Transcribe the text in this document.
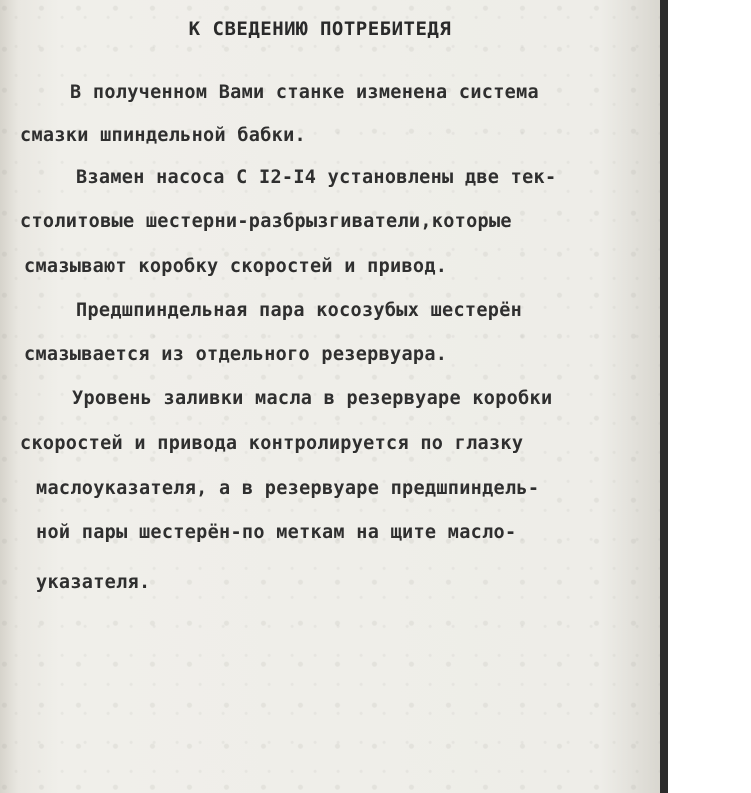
К СВЕДЕНИЮ ПОТРЕБИТЕДЯ
В полученном Вами станке изменена система
смазки шпиндельной бабки.
Взамен насоса С I2-I4 установлены две тек-
столитовые шестерни-разбрызгиватели,которые
смазывают коробку скоростей и привод.
Предшпиндельная пара косозубых шестерён
смазывается из отдельного резервуара.
Уровень заливки масла в резервуаре коробки
скоростей и привода контролируется по глазку
маслоуказателя, а в резервуаре предшпиндель-
ной пары шестерён-по меткам на щите масло-
указателя.
